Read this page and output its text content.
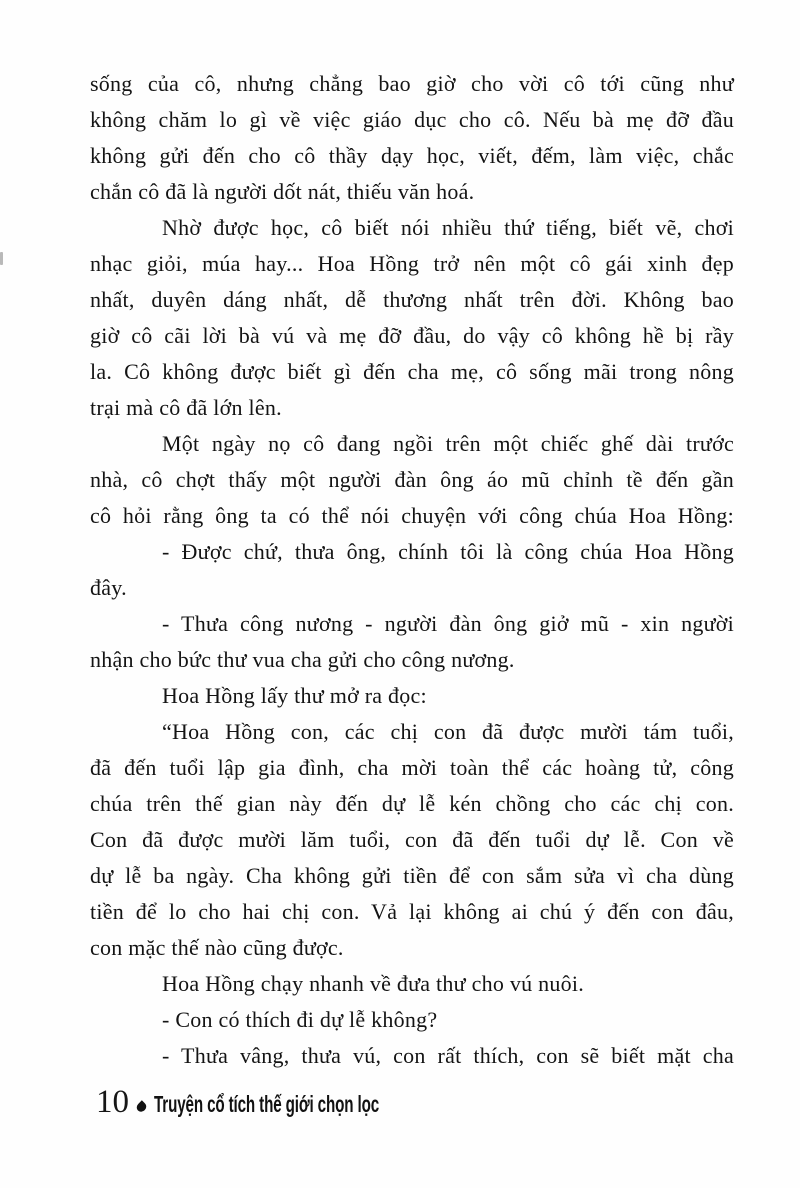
sống của cô, nhưng chẳng bao giờ cho vời cô tới cũng như
không chăm lo gì về việc giáo dục cho cô. Nếu bà mẹ đỡ đầu
không gửi đến cho cô thầy dạy học, viết, đếm, làm việc, chắc
chắn cô đã là người dốt nát, thiếu văn hoá.

Nhờ được học, cô biết nói nhiều thứ tiếng, biết vẽ, chơi
nhạc giỏi, múa hay... Hoa Hồng trở nên một cô gái xinh đẹp
nhất, duyên dáng nhất, dễ thương nhất trên đời. Không bao
giờ cô cãi lời bà vú và mẹ đỡ đầu, do vậy cô không hề bị rầy
la. Cô không được biết gì đến cha mẹ, cô sống mãi trong nông
trại mà cô đã lớn lên.

Một ngày nọ cô đang ngồi trên một chiếc ghế dài trước
nhà, cô chợt thấy một người đàn ông áo mũ chỉnh tề đến gần
cô hỏi rằng ông ta có thể nói chuyện với công chúa Hoa Hồng:

- Được chứ, thưa ông, chính tôi là công chúa Hoa Hồng
đây.

- Thưa công nương - người đàn ông giở mũ - xin người
nhận cho bức thư vua cha gửi cho công nương.

Hoa Hồng lấy thư mở ra đọc:

“Hoa Hồng con, các chị con đã được mười tám tuổi,
đã đến tuổi lập gia đình, cha mời toàn thể các hoàng tử, công
chúa trên thế gian này đến dự lễ kén chồng cho các chị con.
Con đã được mười lăm tuổi, con đã đến tuổi dự lễ. Con về
dự lễ ba ngày. Cha không gửi tiền để con sắm sửa vì cha dùng
tiền để lo cho hai chị con. Vả lại không ai chú ý đến con đâu,
con mặc thế nào cũng được.

Hoa Hồng chạy nhanh về đưa thư cho vú nuôi.

- Con có thích đi dự lễ không?

- Thưa vâng, thưa vú, con rất thích, con sẽ biết mặt cha

10 Truyện cổ tích thế giới chọn lọc
